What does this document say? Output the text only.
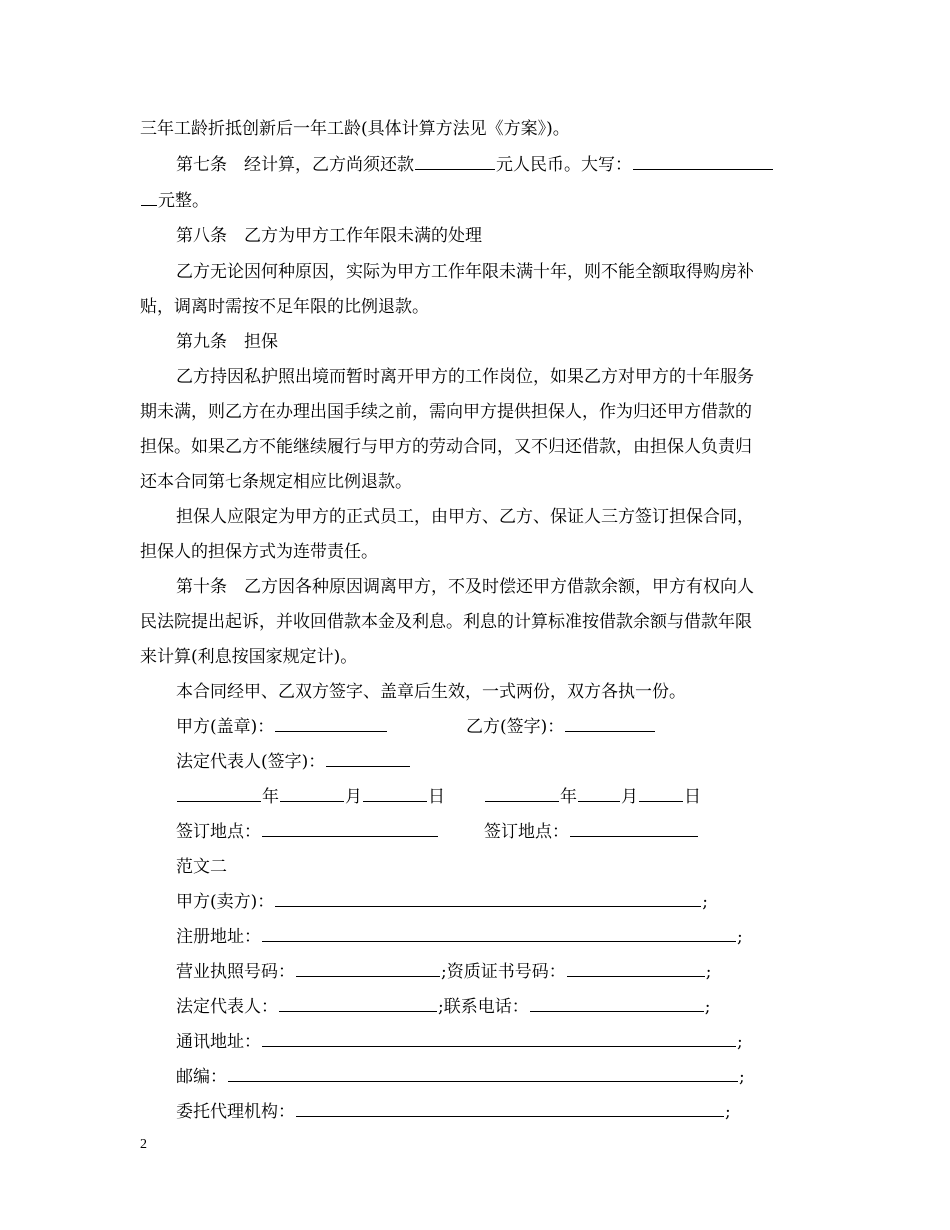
三年工龄折抵创新后一年工龄(具体计算方法见《方案》)。
第七条　经计算，乙方尚须还款	元人民币。大写：
元整。
第八条　乙方为甲方工作年限未满的处理
乙方无论因何种原因，实际为甲方工作年限未满十年，则不能全额取得购房补
贴，调离时需按不足年限的比例退款。
第九条　担保
乙方持因私护照出境而暂时离开甲方的工作岗位，如果乙方对甲方的十年服务
期未满，则乙方在办理出国手续之前，需向甲方提供担保人，作为归还甲方借款的
担保。如果乙方不能继续履行与甲方的劳动合同，又不归还借款，由担保人负责归
还本合同第七条规定相应比例退款。
担保人应限定为甲方的正式员工，由甲方、乙方、保证人三方签订担保合同，
担保人的担保方式为连带责任。
第十条　乙方因各种原因调离甲方，不及时偿还甲方借款余额，甲方有权向人
民法院提出起诉，并收回借款本金及利息。利息的计算标准按借款余额与借款年限
来计算(利息按国家规定计)。
本合同经甲、乙双方签字、盖章后生效，一式两份，双方各执一份。
甲方(盖章)：	乙方(签字)：
法定代表人(签字)：
年	月	日	年	月	日
签订地点：	签订地点：
范文二
甲方(卖方)：	;
注册地址：	;
营业执照号码：	;资质证书号码：	;
法定代表人：	;联系电话：	;
通讯地址：	;
邮编：	;
委托代理机构：	;
2
